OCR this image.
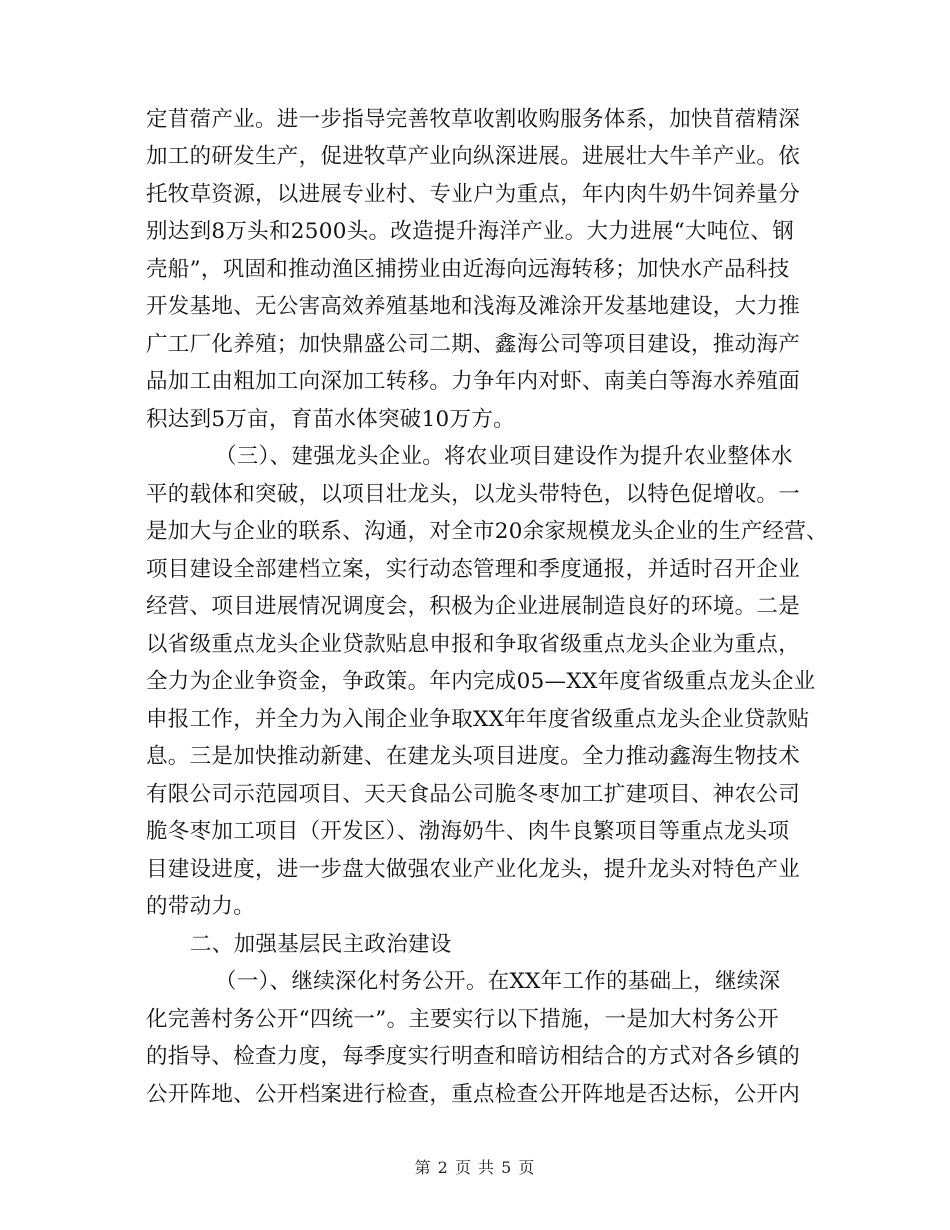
定苜蓿产业。进一步指导完善牧草收割收购服务体系，加快苜蓿精深
加工的研发生产，促进牧草产业向纵深进展。进展壮大牛羊产业。依
托牧草资源，以进展专业村、专业户为重点，年内肉牛奶牛饲养量分
别达到8万头和2500头。改造提升海洋产业。大力进展“大吨位、钢
壳船”，巩固和推动渔区捕捞业由近海向远海转移；加快水产品科技
开发基地、无公害高效养殖基地和浅海及滩涂开发基地建设，大力推
广工厂化养殖；加快鼎盛公司二期、鑫海公司等项目建设，推动海产
品加工由粗加工向深加工转移。力争年内对虾、南美白等海水养殖面
积达到5万亩，育苗水体突破10万方。
（三）、建强龙头企业。将农业项目建设作为提升农业整体水
平的载体和突破，以项目壮龙头，以龙头带特色，以特色促增收。一
是加大与企业的联系、沟通，对全市20余家规模龙头企业的生产经营、
项目建设全部建档立案，实行动态管理和季度通报，并适时召开企业
经营、项目进展情况调度会，积极为企业进展制造良好的环境。二是
以省级重点龙头企业贷款贴息申报和争取省级重点龙头企业为重点，
全力为企业争资金，争政策。年内完成05—XX年度省级重点龙头企业
申报工作，并全力为入闱企业争取XX年年度省级重点龙头企业贷款贴
息。三是加快推动新建、在建龙头项目进度。全力推动鑫海生物技术
有限公司示范园项目、天天食品公司脆冬枣加工扩建项目、神农公司
脆冬枣加工项目（开发区）、渤海奶牛、肉牛良繁项目等重点龙头项
目建设进度，进一步盘大做强农业产业化龙头，提升龙头对特色产业
的带动力。
二、加强基层民主政治建设
（一）、继续深化村务公开。在XX年工作的基础上，继续深
化完善村务公开“四统一”。主要实行以下措施，一是加大村务公开
的指导、检查力度，每季度实行明查和暗访相结合的方式对各乡镇的
公开阵地、公开档案进行检查，重点检查公开阵地是否达标，公开内
第 2 页 共 5 页
